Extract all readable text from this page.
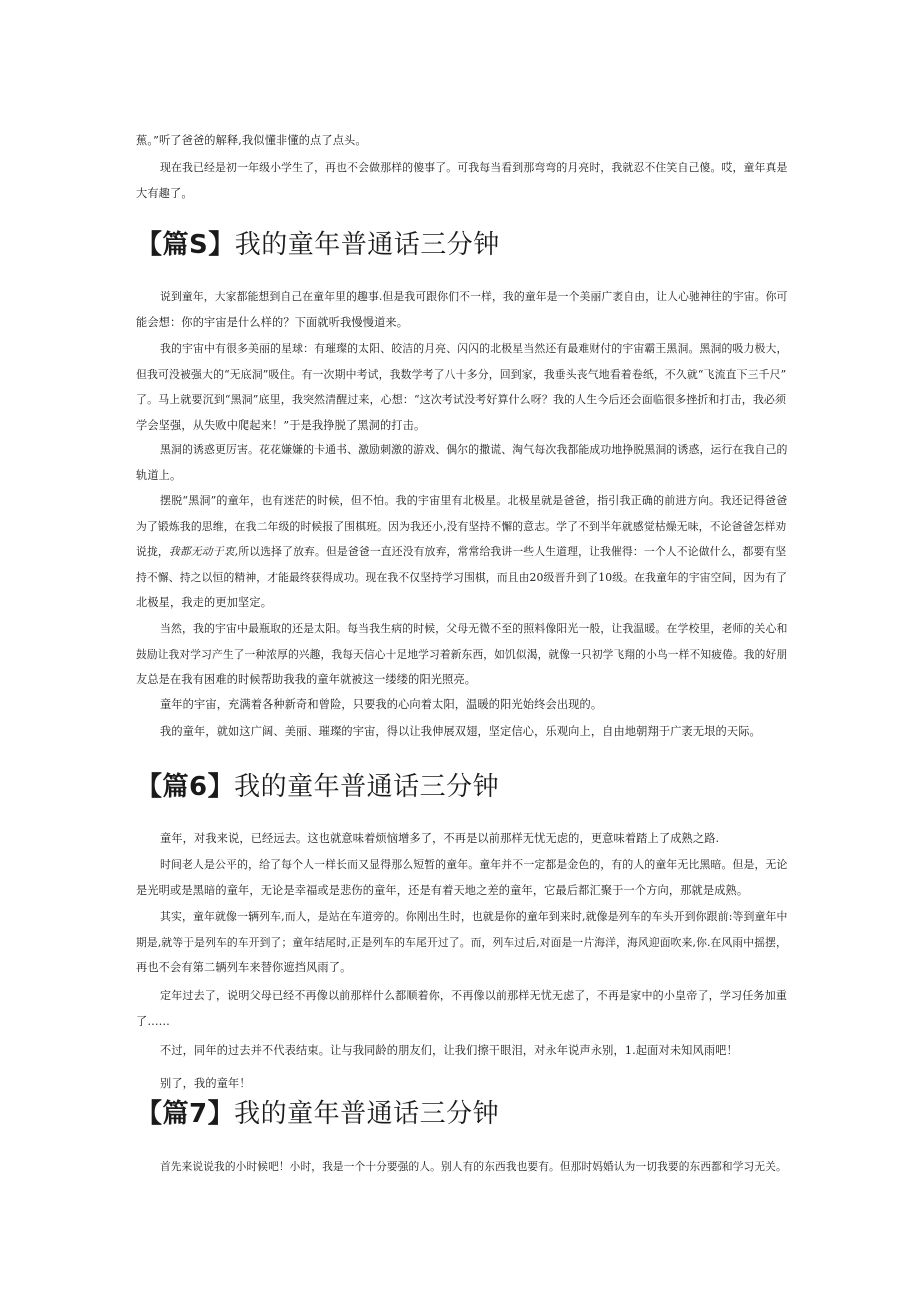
蕉。”听了爸爸的解释,我似懂非懂的点了点头。

现在我已经是初一年级小学生了，再也不会做那样的傻事了。可我每当看到那弯弯的月亮时，我就忍不住笑自己傻。哎，童年真是
大有趣了。

【篇S】我的童年普通话三分钟

说到童年，大家都能想到自己在童年里的趣事.但是我可跟你们不一样，我的童年是一个美丽广袤自由，让人心驰神往的宇宙。你可
能会想：你的宇宙是什么样的？下面就听我慢慢道来。

我的宇宙中有很多美丽的星球：有璀璨的太阳、皎洁的月亮、闪闪的北极星当然还有最难财付的宇宙霸王黑洞。黑洞的吸力极大，
但我可没被强大的“无底洞”吸住。有一次期中考试，我数学考了八十多分，回到家，我垂头丧气地看着卷纸，不久就“飞流直下三千尺”
了。马上就要沉到“黑洞”底里，我突然清醒过来，心想：“这次考试没考好算什么呀？我的人生今后还会面临很多挫折和打击，我必须
学会坚强，从失败中爬起来！”于是我挣脱了黑洞的打击。

黑洞的诱惑更厉害。花花嫌嫌的卡通书、激励刺激的游戏、偶尔的撒谎、淘气每次我都能成功地挣脱黑洞的诱惑，运行在我自己的
轨道上。

摆脱“黑洞”的童年，也有迷茫的时候，但不怕。我的宇宙里有北极星。北极星就是爸爸，指引我正确的前进方向。我还记得爸爸
为了锻炼我的思维，在我二年级的时候报了围棋班。因为我还小,没有坚持不懈的意志。学了不到半年就感觉枯燥无味，不论爸爸怎样劝
说拢，我都无动于衷,所以选择了放弃。但是爸爸一直还没有放弃，常常给我讲一些人生道理，让我催得：一个人不论做什么，都要有坚
持不懈、持之以恒的精神，才能最终获得成功。现在我不仅坚持学习围棋，而且由20级晋升到了10级。在我童年的宇宙空间，因为有了
北极星，我走的更加坚定。

当然，我的宇宙中最瓶取的还是太阳。每当我生病的时候，父母无微不至的照料像阳光一般，让我温暖。在学校里，老师的关心和
鼓励让我对学习产生了一种浓厚的兴趣，我每天信心十足地学习着新东西，如饥似渴，就像一只初学飞翔的小鸟一样不知疲倦。我的好朋
友总是在我有困难的时候帮助我我的童年就被这一缕缕的阳光照亮。

童年的宇宙，充满着各种新奇和曾险，只要我的心向着太阳，温暖的阳光始终会出现的。

我的童年，就如这广阔、美丽、璀璨的宇宙，得以让我伸展双翅，坚定信心，乐观向上，自由地朝翔于广袤无垠的天际。

【篇6】我的童年普通话三分钟

童年，对我来说，已经远去。这也就意味着烦恼增多了，不再是以前那样无忧无虑的，更意味着踏上了成熟之路.

时间老人是公平的，给了每个人一样长而又显得那么短暂的童年。童年并不一定都是金色的，有的人的童年无比黑暗。但是，无论
是光明或是黑暗的童年，无论是幸福或是悲伤的童年，还是有着天地之差的童年，它最后都汇聚于一个方向，那就是成熟。

其实，童年就像一辆列车,而人，是站在车道旁的。你刚出生时，也就是你的童年到来时,就像是列车的车头开到你跟前:等到童年中
期是,就等于是列车的车开到了；童年结尾时,正是列车的车尾开过了。而，列车过后,对面是一片海洋，海风迎面吹来,你.在风雨中摇摆，
再也不会有第二辆列车来替你遮挡风雨了。

定年过去了，说明父母已经不再像以前那样什么都顺着你，不再像以前那样无忧无虑了，不再是家中的小皇帝了，学习任务加重
了……

不过，同年的过去并不代表结束。让与我同龄的朋友们，让我们擦干眼泪，对永年说声永别，1.起面对未知风雨吧！

别了，我的童年！

【篇7】我的童年普通话三分钟

首先来说说我的小时候吧！小时，我是一个十分要强的人。别人有的东西我也要有。但那时妈婚认为一切我要的东西都和学习无关。
